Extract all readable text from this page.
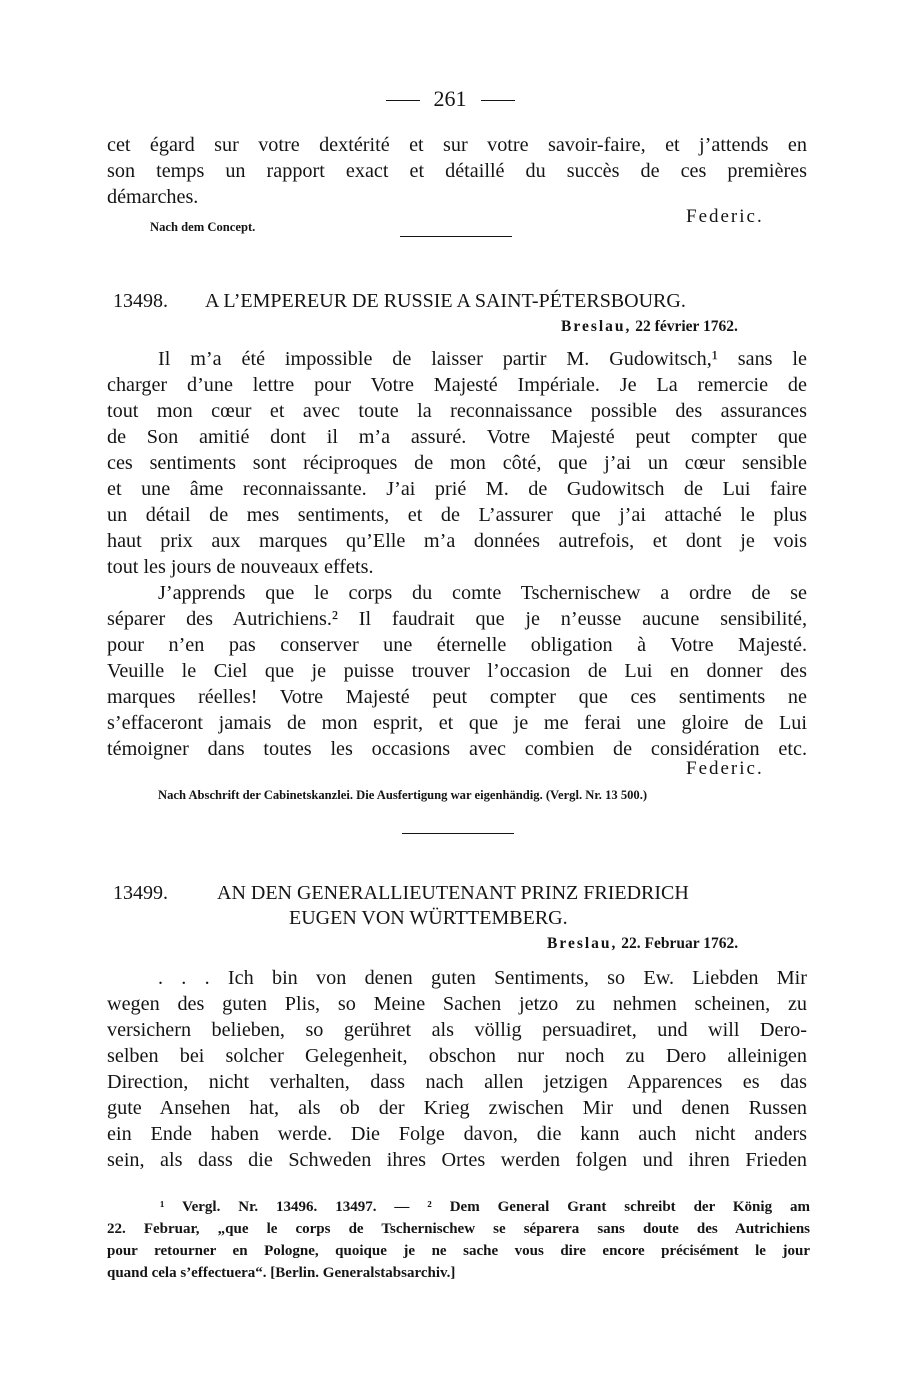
261
cet égard sur votre dextérité et sur votre savoir-faire, et j’attends en
son temps un rapport exact et détaillé du succès de ces premières
démarches.
Nach dem Concept.	Federic.
13498. A L’EMPEREUR DE RUSSIE A SAINT-PÉTERSBOURG.
Breslau, 22 février 1762.
Il m’a été impossible de laisser partir M. Gudowitsch,¹ sans le
charger d’une lettre pour Votre Majesté Impériale. Je La remercie de
tout mon cœur et avec toute la reconnaissance possible des assurances
de Son amitié dont il m’a assuré. Votre Majesté peut compter que
ces sentiments sont réciproques de mon côté, que j’ai un cœur sensible
et une âme reconnaissante. J’ai prié M. de Gudowitsch de Lui faire
un détail de mes sentiments, et de L’assurer que j’ai attaché le plus
haut prix aux marques qu’Elle m’a données autrefois, et dont je vois
tout les jours de nouveaux effets.
J’apprends que le corps du comte Tschernischew a ordre de se
séparer des Autrichiens.² Il faudrait que je n’eusse aucune sensibilité,
pour n’en pas conserver une éternelle obligation à Votre Majesté.
Veuille le Ciel que je puisse trouver l’occasion de Lui en donner des
marques réelles! Votre Majesté peut compter que ces sentiments ne
s’effaceront jamais de mon esprit, et que je me ferai une gloire de Lui
témoigner dans toutes les occasions avec combien de considération etc.
Federic.
Nach Abschrift der Cabinetskanzlei. Die Ausfertigung war eigenhändig. (Vergl. Nr. 13 500.)
13499. AN DEN GENERALLIEUTENANT PRINZ FRIEDRICH
EUGEN VON WÜRTTEMBERG.
Breslau, 22. Februar 1762.
. . . Ich bin von denen guten Sentiments, so Ew. Liebden Mir
wegen des guten Plis, so Meine Sachen jetzo zu nehmen scheinen, zu
versichern belieben, so gerühret als völlig persuadiret, und will Dero-
selben bei solcher Gelegenheit, obschon nur noch zu Dero alleinigen
Direction, nicht verhalten, dass nach allen jetzigen Apparences es das
gute Ansehen hat, als ob der Krieg zwischen Mir und denen Russen
ein Ende haben werde. Die Folge davon, die kann auch nicht anders
sein, als dass die Schweden ihres Ortes werden folgen und ihren Frieden
¹ Vergl. Nr. 13496. 13497. — ² Dem General Grant schreibt der König am
22. Februar, „que le corps de Tschernischew se séparera sans doute des Autrichiens
pour retourner en Pologne, quoique je ne sache vous dire encore précisément le jour
quand cela s’effectuera“. [Berlin. Generalstabsarchiv.]
